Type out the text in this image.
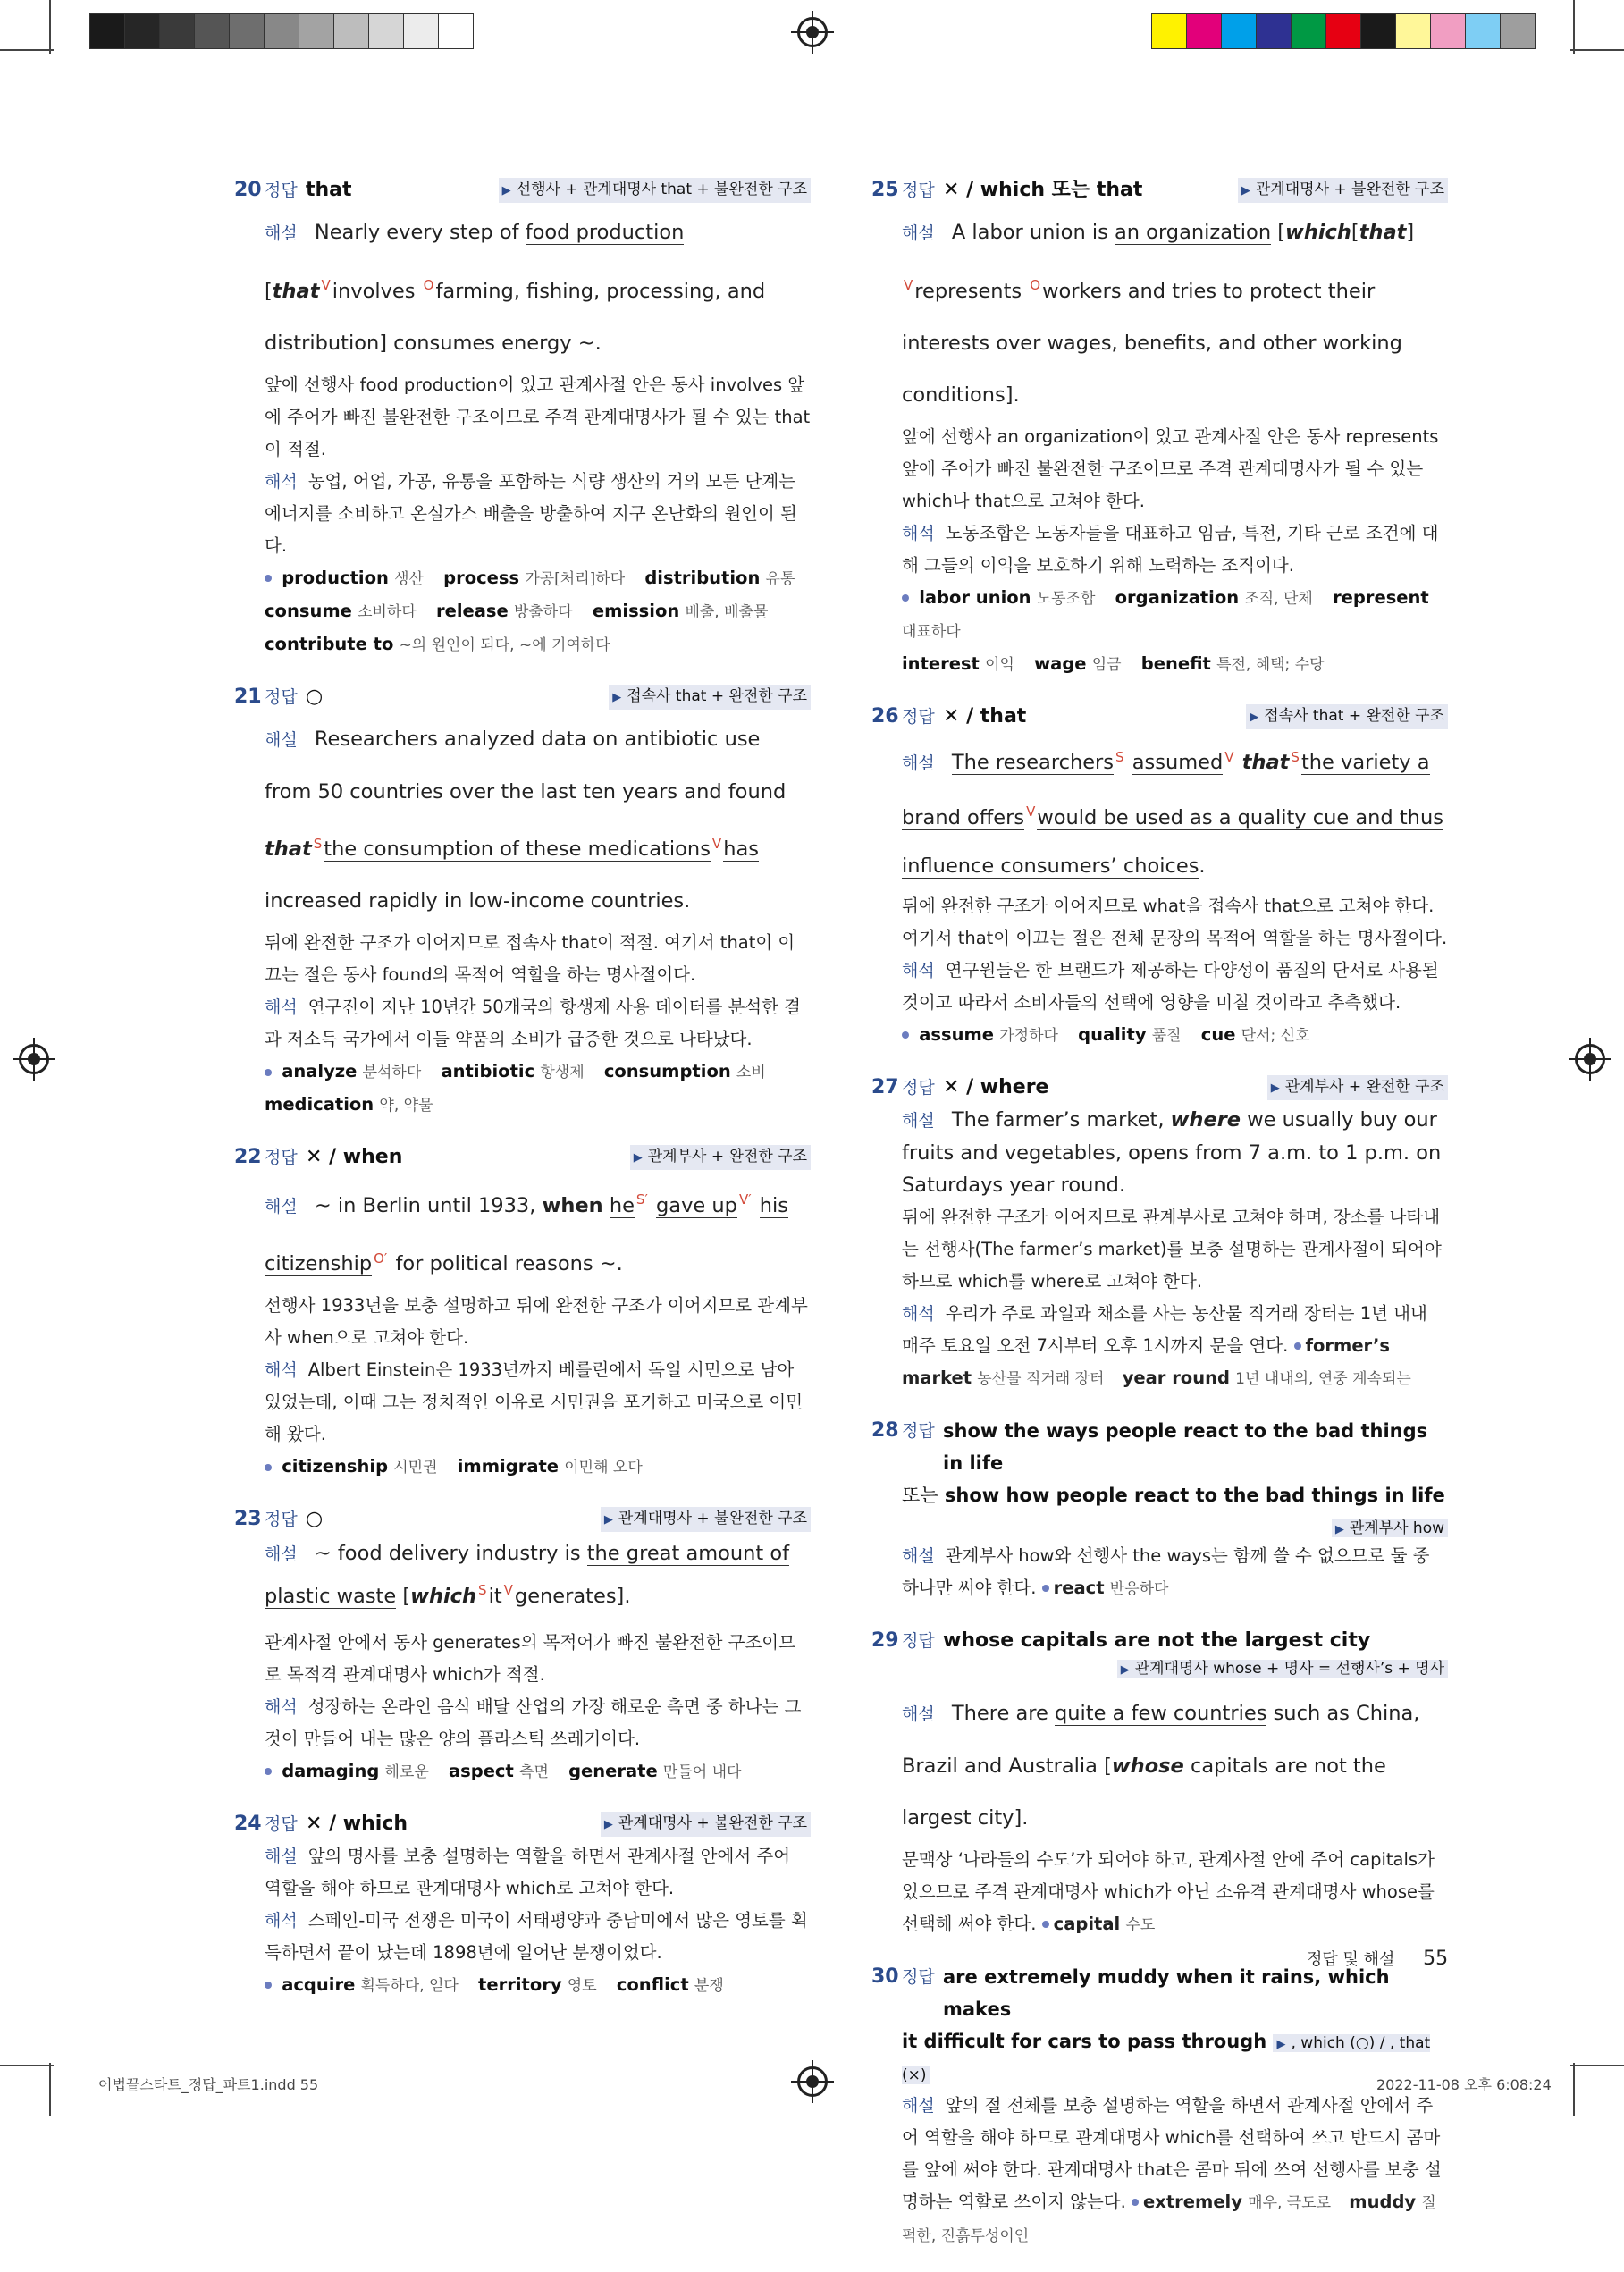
20 정답 that	▶ 선행사 + 관계대명사 that + 불완전한 구조
해설 Nearly every step of food production [that $^V$involves $^O$farming, fishing, processing, and distribution] consumes energy ~.
앞에 선행사 food production이 있고 관계사절 안은 동사 involves 앞에 주어가 빠진 불완전한 구조이므로 주격 관계대명사가 될 수 있는 that이 적절.
해석 농업, 어업, 가공, 유통을 포함하는 식량 생산의 거의 모든 단계는 에너지를 소비하고 온실가스 배출을 방출하여 지구 온난화의 원인이 된다.
production 생산 process 가공[처리]하다 distribution 유통
consume 소비하다 release 방출하다 emission 배출, 배출물
contribute to ~의 원인이 되다, ~에 기여하다
21 정답 ○	▶ 접속사 that + 완전한 구조
해설 Researchers analyzed data on antibiotic use from 50 countries over the last ten years and found that $^S$the consumption of these medications $^V$has increased rapidly in low-income countries.
뒤에 완전한 구조가 이어지므로 접속사 that이 적절. 여기서 that이 이끄는 절은 동사 found의 목적어 역할을 하는 명사절이다.
해석 연구진이 지난 10년간 50개국의 항생제 사용 데이터를 분석한 결과 저소득 국가에서 이들 약품의 소비가 급증한 것으로 나타났다.
analyze 분석하다 antibiotic 항생제 consumption 소비
medication 약, 약물
22 정답 ✕ / when	▶ 관계부사 + 완전한 구조
해설 ~ in Berlin until 1933, when he $^{S'}$ gave up $^{V'}$ his citizenship $^{O'}$ for political reasons ~.
선행사 1933년을 보충 설명하고 뒤에 완전한 구조가 이어지므로 관계부사 when으로 고쳐야 한다.
해석 Albert Einstein은 1933년까지 베를린에서 독일 시민으로 남아 있었는데, 이때 그는 정치적인 이유로 시민권을 포기하고 미국으로 이민해 왔다.
citizenship 시민권 immigrate 이민해 오다
23 정답 ○	▶ 관계대명사 + 불완전한 구조
해설 ~ food delivery industry is the great amount of plastic waste [which $^S$it $^V$generates].
관계사절 안에서 동사 generates의 목적어가 빠진 불완전한 구조이므로 목적격 관계대명사 which가 적절.
해석 성장하는 온라인 음식 배달 산업의 가장 해로운 측면 중 하나는 그것이 만들어 내는 많은 양의 플라스틱 쓰레기이다.
damaging 해로운 aspect 측면 generate 만들어 내다
24 정답 ✕ / which	▶ 관계대명사 + 불완전한 구조
해설 앞의 명사를 보충 설명하는 역할을 하면서 관계사절 안에서 주어 역할을 해야 하므로 관계대명사 which로 고쳐야 한다.
해석 스페인-미국 전쟁은 미국이 서태평양과 중남미에서 많은 영토를 획득하면서 끝이 났는데 1898년에 일어난 분쟁이었다.
acquire 획득하다, 얻다 territory 영토 conflict 분쟁
25 정답 ✕ / which 또는 that	▶ 관계대명사 + 불완전한 구조
해설 A labor union is an organization [which[that] $^V$represents $^O$workers and tries to protect their interests over wages, benefits, and other working conditions].
앞에 선행사 an organization이 있고 관계사절 안은 동사 represents 앞에 주어가 빠진 불완전한 구조이므로 주격 관계대명사가 될 수 있는 which나 that으로 고쳐야 한다.
해석 노동조합은 노동자들을 대표하고 임금, 특전, 기타 근로 조건에 대해 그들의 이익을 보호하기 위해 노력하는 조직이다.
labor union 노동조합 organization 조직, 단체 represent 대표하다
interest 이익 wage 임금 benefit 특전, 혜택; 수당
26 정답 ✕ / that	▶ 접속사 that + 완전한 구조
해설 The researchers $^S$ assumed $^V$ that $^S$the variety a brand offers $^V$would be used as a quality cue and thus influence consumers’ choices.
뒤에 완전한 구조가 이어지므로 what을 접속사 that으로 고쳐야 한다. 여기서 that이 이끄는 절은 전체 문장의 목적어 역할을 하는 명사절이다.
해석 연구원들은 한 브랜드가 제공하는 다양성이 품질의 단서로 사용될 것이고 따라서 소비자들의 선택에 영향을 미칠 것이라고 추측했다.
assume 가정하다 quality 품질 cue 단서; 신호
27 정답 ✕ / where	▶ 관계부사 + 완전한 구조
해설 The farmer’s market, where we usually buy our fruits and vegetables, opens from 7 a.m. to 1 p.m. on Saturdays year round.
뒤에 완전한 구조가 이어지므로 관계부사로 고쳐야 하며, 장소를 나타내는 선행사(The farmer’s market)를 보충 설명하는 관계사절이 되어야 하므로 which를 where로 고쳐야 한다.
해석 우리가 주로 과일과 채소를 사는 농산물 직거래 장터는 1년 내내 매주 토요일 오전 7시부터 오후 1시까지 문을 연다. former’s market 농산물 직거래 장터 year round 1년 내내의, 연중 계속되는
28 정답 show the ways people react to the bad things in life
또는 show how people react to the bad things in life
▶ 관계부사 how
해설 관계부사 how와 선행사 the ways는 함께 쓸 수 없으므로 둘 중 하나만 써야 한다. react 반응하다
29 정답 whose capitals are not the largest city
▶ 관계대명사 whose + 명사 = 선행사’s + 명사
해설 There are quite a few countries such as China, Brazil and Australia [whose capitals are not the largest city].
문맥상 ‘나라들의 수도’가 되어야 하고, 관계사절 안에 주어 capitals가 있으므로 주격 관계대명사 which가 아닌 소유격 관계대명사 whose를 선택해 써야 한다. capital 수도
30 정답 are extremely muddy when it rains, which makes
it difficult for cars to pass through ▶ , which (○) / , that (×)
해설 앞의 절 전체를 보충 설명하는 역할을 하면서 관계사절 안에서 주어 역할을 해야 하므로 관계대명사 which를 선택하여 쓰고 반드시 콤마를 앞에 써야 한다. 관계대명사 that은 콤마 뒤에 쓰여 선행사를 보충 설명하는 역할로 쓰이지 않는다. extremely 매우, 극도로 muddy 질퍽한, 진흙투성이인
정답 및 해설 55
어법끝스타트_정답_파트1.indd 55	2022-11-08 오후 6:08:24
